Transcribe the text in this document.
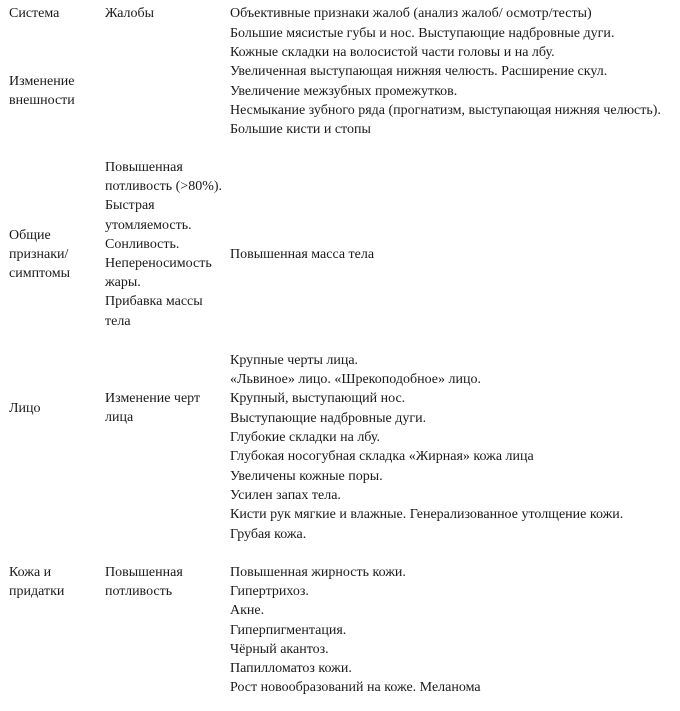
Система	Жалобы	Объективные признаки жалоб (анализ жалоб/ осмотр/тесты)
Изменение внешности
Большие мясистые губы и нос. Выступающие надбровные дуги.
Кожные складки на волосистой части головы и на лбу.
Увеличенная выступающая нижняя челюсть. Расширение скул.
Увеличение межзубных промежутков.
Несмыкание зубного ряда (прогнатизм, выступающая нижняя челюсть).
Большие кисти и стопы
Общие признаки/ симптомы
Повышенная потливость (>80%).
Быстрая утомляемость.
Сонливость.
Непереносимость жары.
Прибавка массы тела
Повышенная масса тела
Лицо
Изменение черт лица
Крупные черты лица.
«Львиное» лицо. «Шрекоподобное» лицо.
Крупный, выступающий нос.
Выступающие надбровные дуги.
Глубокие складки на лбу.
Глубокая носогубная складка «Жирная» кожа лица
Увеличены кожные поры.
Усилен запах тела.
Кисти рук мягкие и влажные. Генерализованное утолщение кожи.
Грубая кожа.
Кожа и придатки
Повышенная потливость
Повышенная жирность кожи.
Гипертрихоз.
Акне.
Гиперпигментация.
Чёрный акантоз.
Папилломатоз кожи.
Рост новообразований на коже. Меланома
